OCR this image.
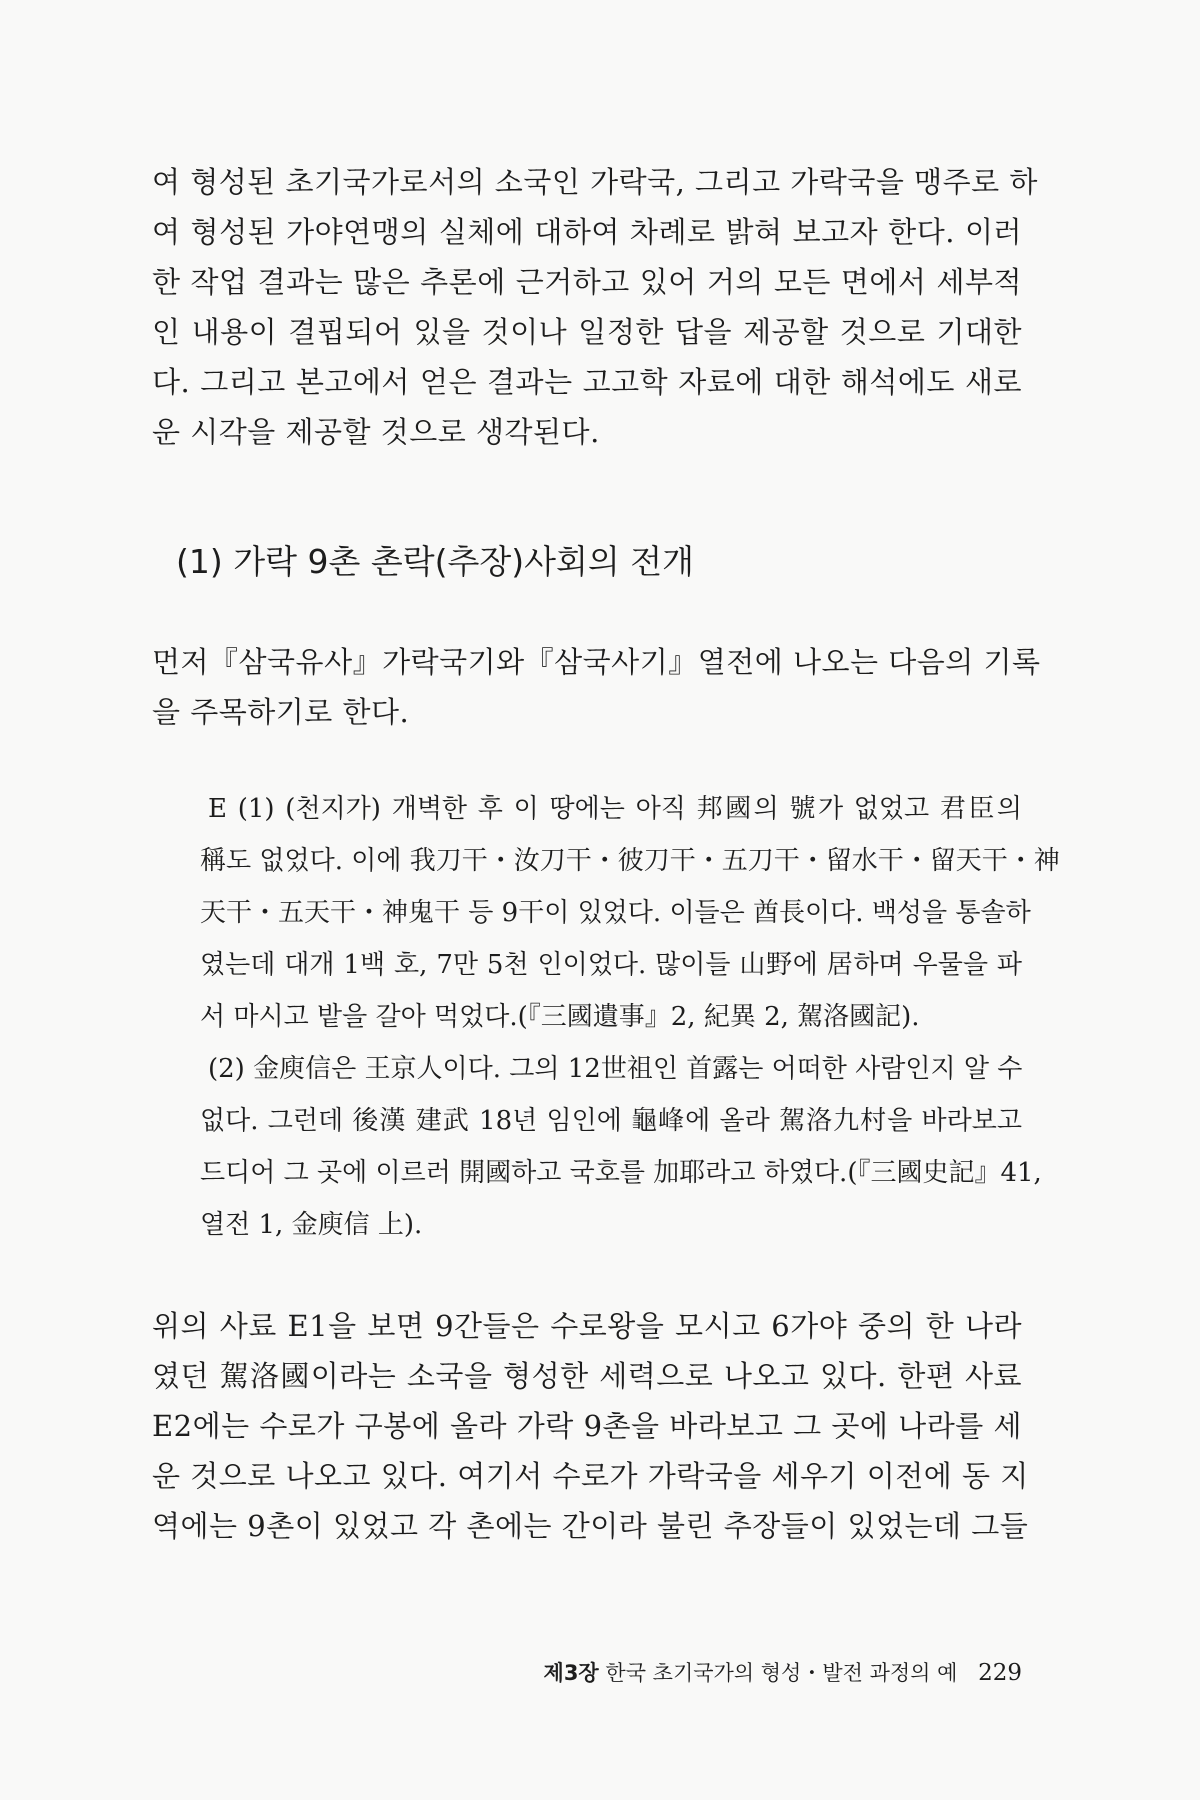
여 형성된 초기국가로서의 소국인 가락국, 그리고 가락국을 맹주로 하
여 형성된 가야연맹의 실체에 대하여 차례로 밝혀 보고자 한다. 이러
한 작업 결과는 많은 추론에 근거하고 있어 거의 모든 면에서 세부적
인 내용이 결핍되어 있을 것이나 일정한 답을 제공할 것으로 기대한
다. 그리고 본고에서 얻은 결과는 고고학 자료에 대한 해석에도 새로
운 시각을 제공할 것으로 생각된다.
(1) 가락 9촌 촌락(추장)사회의 전개
먼저『삼국유사』가락국기와『삼국사기』열전에 나오는 다음의 기록
을 주목하기로 한다.
E (1) (천지가) 개벽한 후 이 땅에는 아직 邦國의 號가 없었고 君臣의
稱도 없었다. 이에 我刀干・汝刀干・彼刀干・五刀干・留水干・留天干・神
天干・五天干・神鬼干 등 9干이 있었다. 이들은 酋長이다. 백성을 통솔하
였는데 대개 1백 호, 7만 5천 인이었다. 많이들 山野에 居하며 우물을 파
서 마시고 밭을 갈아 먹었다.(『三國遺事』2, 紀異 2, 駕洛國記).
(2) 金庾信은 王京人이다. 그의 12世祖인 首露는 어떠한 사람인지 알 수
없다. 그런데 後漢 建武 18년 임인에 龜峰에 올라 駕洛九村을 바라보고
드디어 그 곳에 이르러 開國하고 국호를 加耶라고 하였다.(『三國史記』41,
열전 1, 金庾信 上).
위의 사료 E1을 보면 9간들은 수로왕을 모시고 6가야 중의 한 나라
였던 駕洛國이라는 소국을 형성한 세력으로 나오고 있다. 한편 사료
E2에는 수로가 구봉에 올라 가락 9촌을 바라보고 그 곳에 나라를 세
운 것으로 나오고 있다. 여기서 수로가 가락국을 세우기 이전에 동 지
역에는 9촌이 있었고 각 촌에는 간이라 불린 추장들이 있었는데 그들
제3장 한국 초기국가의 형성・발전 과정의 예 229
